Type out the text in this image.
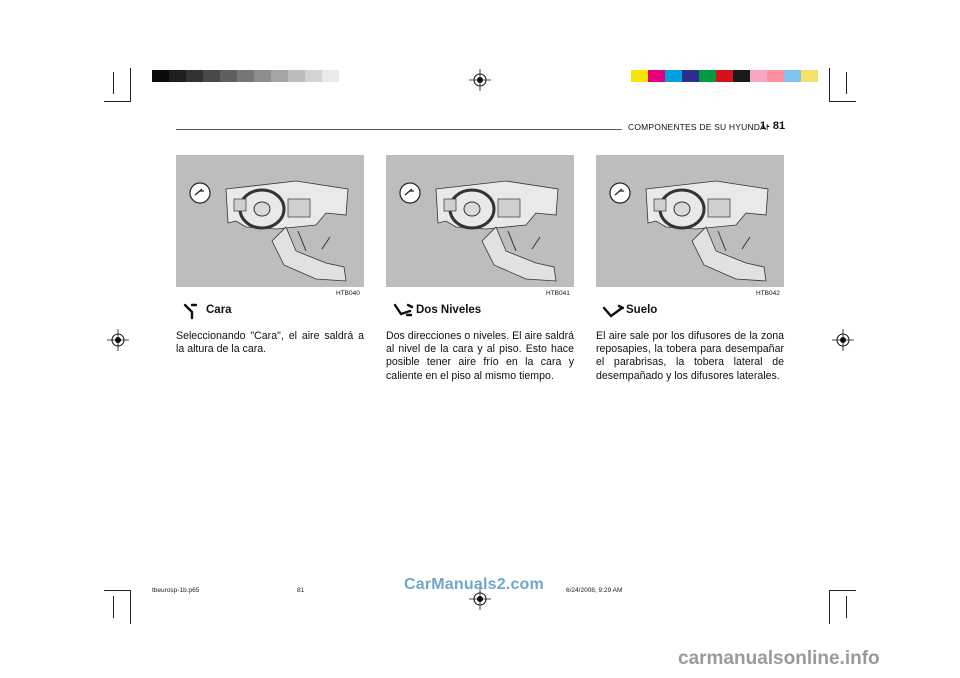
COMPONENTES DE SU HYUNDAI
1- 81
HTB040
Cara
Seleccionando "Cara", el aire saldrá a la altura de la cara.
HTB041
Dos Niveles
Dos direcciones o niveles. El aire saldrá al nivel de la cara y al piso. Esto hace posible tener aire frío en la cara y caliente en el piso al mismo tiempo.
HTB042
Suelo
El aire sale por los difusores de la zona reposapies, la tobera para desempañar el parabrisas, la tobera lateral de desempañado y los difusores laterales.
tbeurosp-1b.p65	81	6/24/2008, 9:29 AM
CarManuals2.com
carmanualsonline.info
